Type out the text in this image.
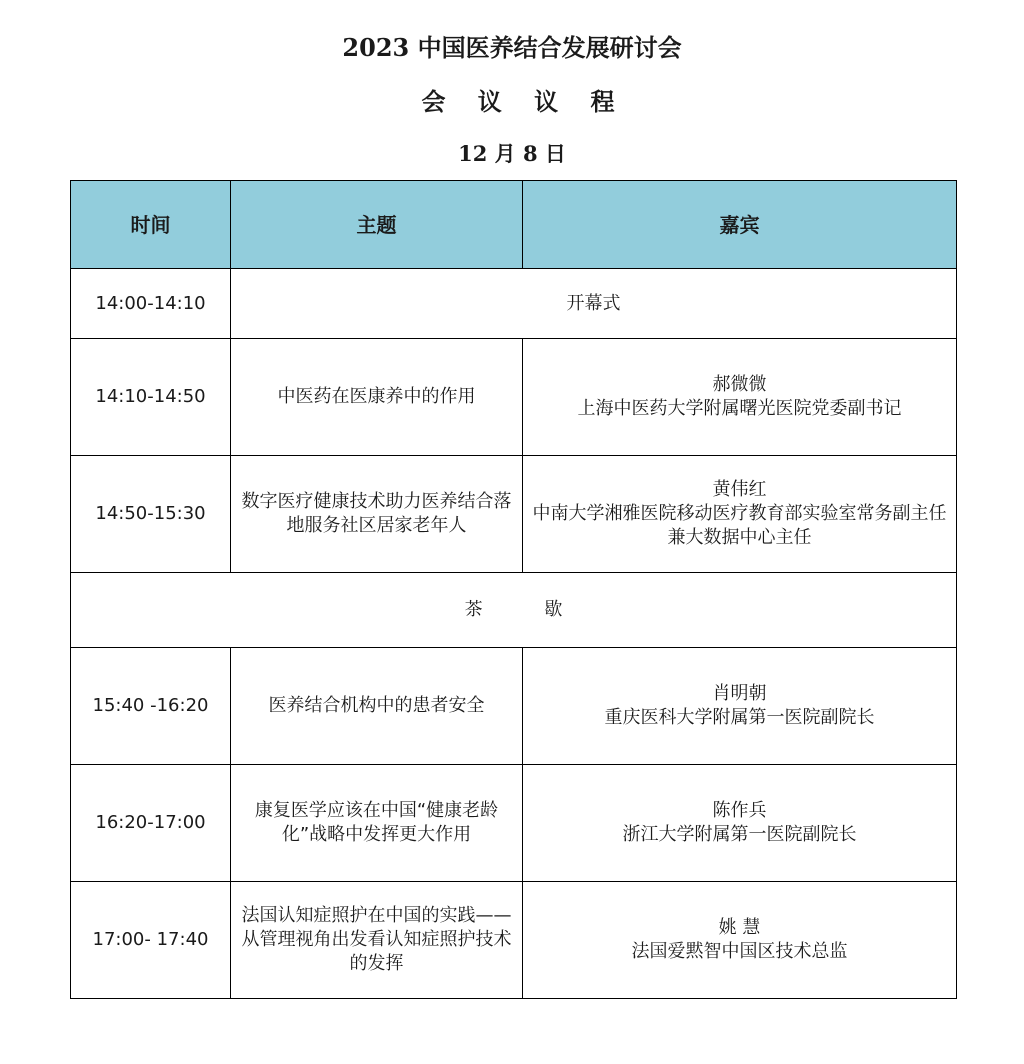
2023 中国医养结合发展研讨会
会 议 议 程
12 月 8 日
时间	主题	嘉宾
14:00-14:10	开幕式	
14:10-14:50	中医药在医康养中的作用	郝微微
上海中医药大学附属曙光医院党委副书记

14:50-15:30	数字医疗健康技术助力医养结合落地服务社区居家老年人	黄伟红
中南大学湘雅医院移动医疗教育部实验室常务副主任兼大数据中心主任

茶 歇		
15:40 -16:20	医养结合机构中的患者安全	肖明朝
重庆医科大学附属第一医院副院长

16:20-17:00	康复医学应该在中国“健康老龄化”战略中发挥更大作用	陈作兵
浙江大学附属第一医院副院长

17:00- 17:40	法国认知症照护在中国的实践——从管理视角出发看认知症照护技术的发挥	姚 慧
法国爱黙智中国区技术总监
